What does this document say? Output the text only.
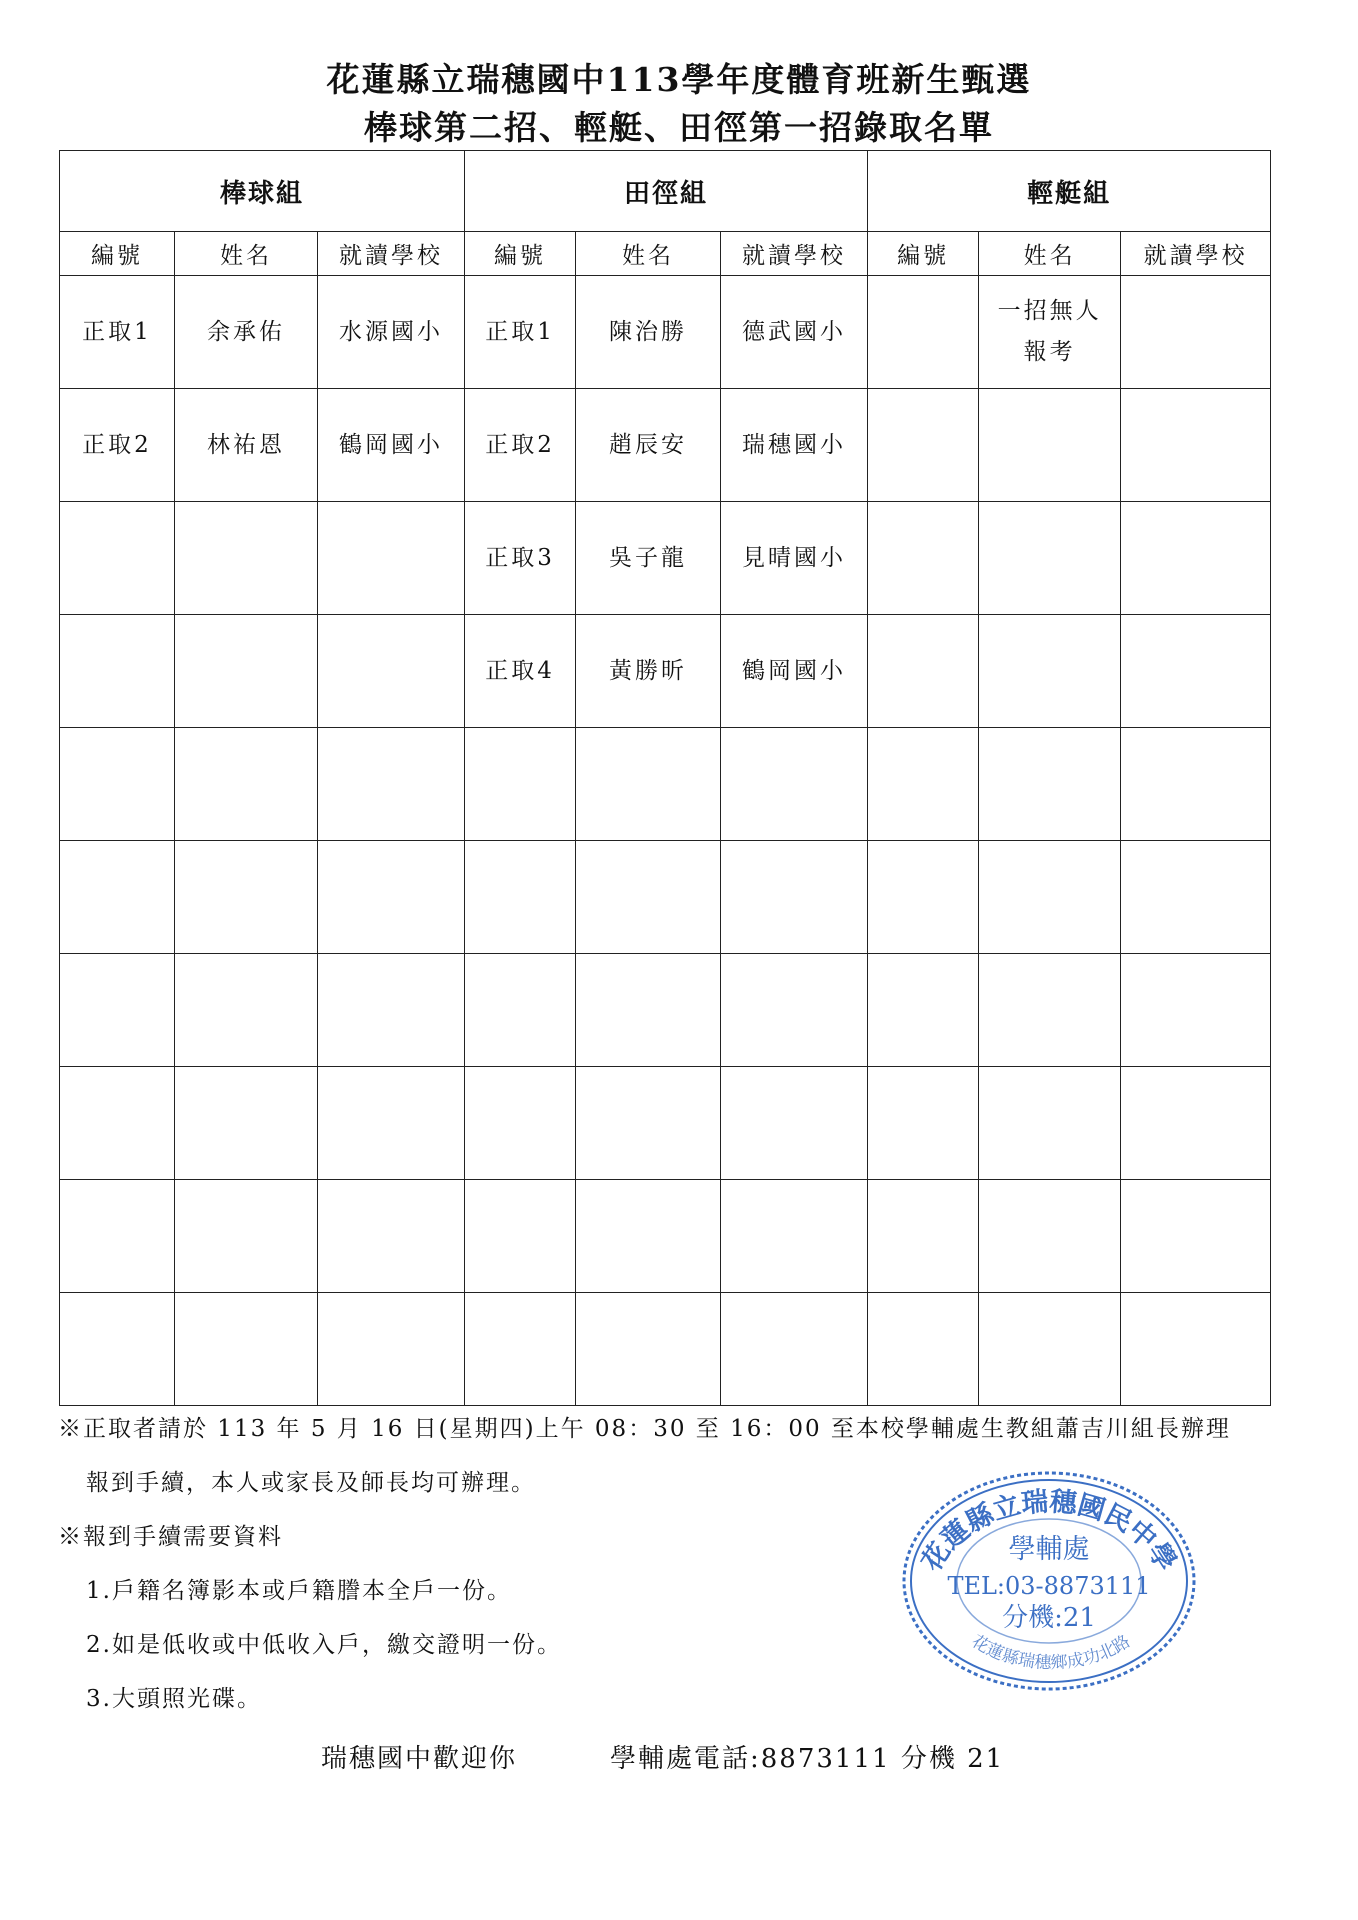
花蓮縣立瑞穗國中113學年度體育班新生甄選
棒球第二招、輕艇、田徑第一招錄取名單
棒球組			田徑組			輕艇組		
編號	姓名	就讀學校	編號	姓名	就讀學校	編號	姓名	就讀學校
正取1	余承佑	水源國小	正取1	陳治勝	德武國小		一招無人
報考	
正取2	林祐恩	鶴岡國小	正取2	趙辰安	瑞穗國小			
			正取3	吳子龍	見晴國小			
			正取4	黃勝昕	鶴岡國小			

※正取者請於 113 年 5 月 16 日(星期四)上午 08：30 至 16：00 至本校學輔處生教組蕭吉川組長辦理
報到手續，本人或家長及師長均可辦理。
※報到手續需要資料
1.戶籍名簿影本或戶籍謄本全戶一份。
2.如是低收或中低收入戶，繳交證明一份。
3.大頭照光碟。
花蓮縣立瑞穗國民中學
花蓮縣瑞穗鄉成功北路
學輔處
TEL:03-8873111
分機:21
瑞穗國中歡迎你	學輔處電話:8873111 分機 21
